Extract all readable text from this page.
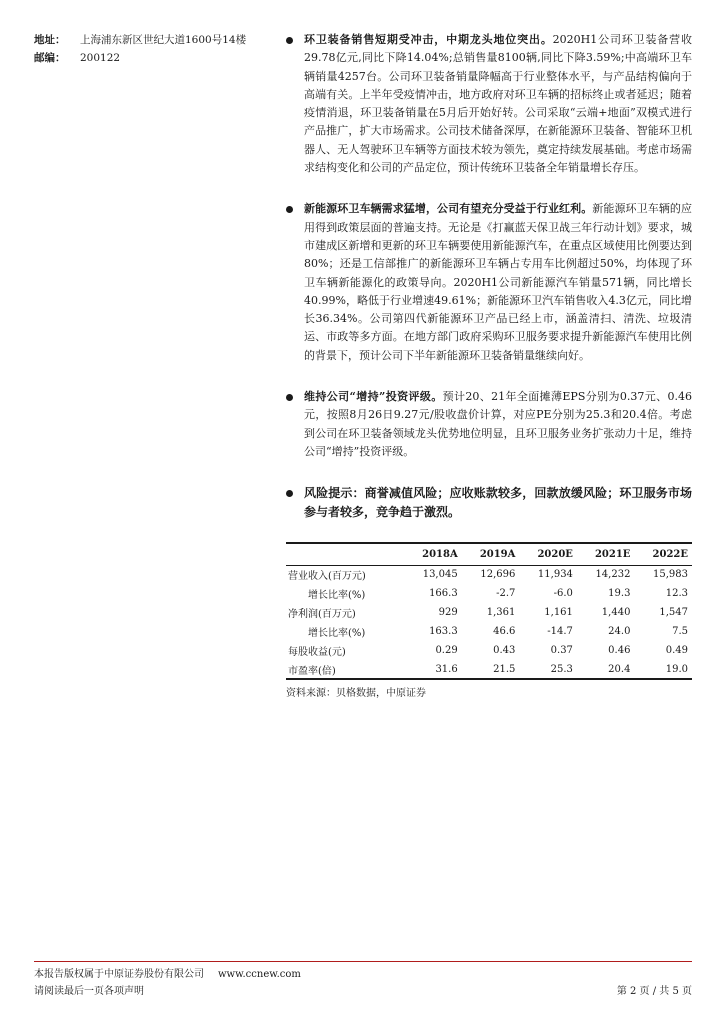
地址：	上海浦东新区世纪大道1600号14楼
邮编：	200122
环卫装备销售短期受冲击，中期龙头地位突出。2020H1公司环卫装备营收29.78亿元,同比下降14.04%;总销售量8100辆,同比下降3.59%;中高端环卫车辆销量4257台。公司环卫装备销量降幅高于行业整体水平，与产品结构偏向于高端有关。上半年受疫情冲击，地方政府对环卫车辆的招标终止或者延迟；随着疫情消退，环卫装备销量在5月后开始好转。公司采取“云端+地面”双模式进行产品推广，扩大市场需求。公司技术储备深厚，在新能源环卫装备、智能环卫机器人、无人驾驶环卫车辆等方面技术较为领先，奠定持续发展基础。考虑市场需求结构变化和公司的产品定位，预计传统环卫装备全年销量增长存压。
新能源环卫车辆需求猛增，公司有望充分受益于行业红利。新能源环卫车辆的应用得到政策层面的普遍支持。无论是《打赢蓝天保卫战三年行动计划》要求，城市建成区新增和更新的环卫车辆要使用新能源汽车，在重点区域使用比例要达到80%；还是工信部推广的新能源环卫车辆占专用车比例超过50%，均体现了环卫车辆新能源化的政策导向。2020H1公司新能源汽车销量571辆，同比增长40.99%，略低于行业增速49.61%；新能源环卫汽车销售收入4.3亿元，同比增长36.34%。公司第四代新能源环卫产品已经上市，涵盖清扫、清洗、垃圾清运、市政等多方面。在地方部门政府采购环卫服务要求提升新能源汽车使用比例的背景下，预计公司下半年新能源环卫装备销量继续向好。
维持公司“增持”投资评级。预计20、21年全面摊薄EPS分别为0.37元、0.46元，按照8月26日9.27元/股收盘价计算，对应PE分别为25.3和20.4倍。考虑到公司在环卫装备领域龙头优势地位明显，且环卫服务业务扩张动力十足，维持公司“增持”投资评级。
风险提示：商誉减值风险；应收账款较多，回款放缓风险；环卫服务市场参与者较多，竞争趋于激烈。
	2018A	2019A	2020E	2021E	2022E
营业收入(百万元)	13,045	12,696	11,934	14,232	15,983
增长比率(%)	166.3	-2.7	-6.0	19.3	12.3
净利润(百万元)	929	1,361	1,161	1,440	1,547
增长比率(%)	163.3	46.6	-14.7	24.0	7.5
每股收益(元)	0.29	0.43	0.37	0.46	0.49
市盈率(倍)	31.6	21.5	25.3	20.4	19.0
资料来源：贝格数据，中原证券
本报告版权属于中原证券股份有限公司 www.ccnew.com
请阅读最后一页各项声明	第 2 页 / 共 5 页
